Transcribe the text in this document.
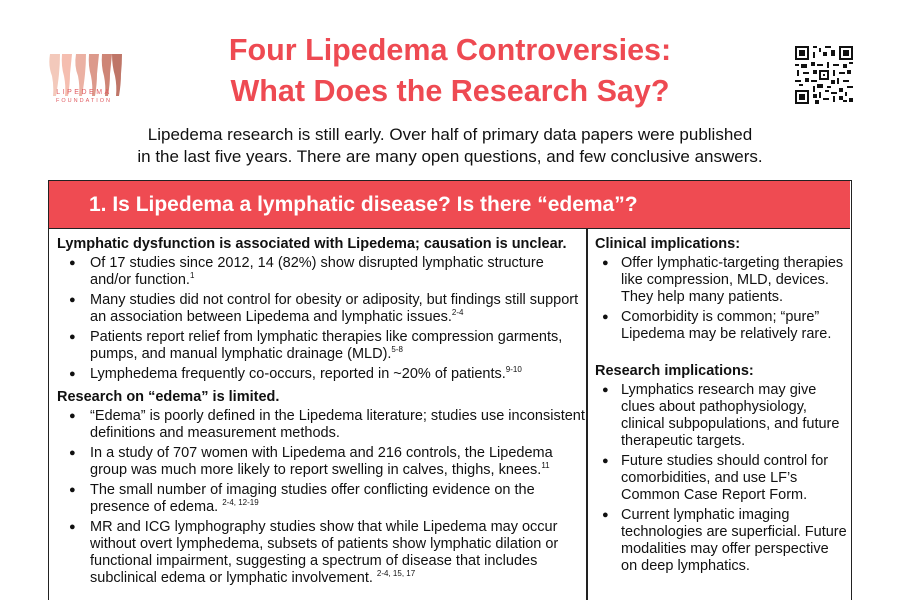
LIPEDEMA
FOUNDATION
Four Lipedema Controversies:
What Does the Research Say?
Lipedema research is still early. Over half of primary data papers were published
in the last five years. There are many open questions, and few conclusive answers.
1. Is Lipedema a lymphatic disease? Is there “edema”?
Lymphatic dysfunction is associated with Lipedema; causation is unclear.
● Of 17 studies since 2012, 14 (82%) show disrupted lymphatic structure and/or function.$^1$
● Many studies did not control for obesity or adiposity, but findings still support an association between Lipedema and lymphatic issues.$^{2-4}$
● Patients report relief from lymphatic therapies like compression garments, pumps, and manual lymphatic drainage (MLD).$^{5-8}$
● Lymphedema frequently co-occurs, reported in ~20% of patients.$^{9-10}$
Research on “edema” is limited.
● “Edema” is poorly defined in the Lipedema literature; studies use inconsistent definitions and measurement methods.
● In a study of 707 women with Lipedema and 216 controls, the Lipedema group was much more likely to report swelling in calves, thighs, knees.$^{11}$
● The small number of imaging studies offer conflicting evidence on the presence of edema. $^{2-4, 12-19}$
● MR and ICG lymphography studies show that while Lipedema may occur without overt lymphedema, subsets of patients show lymphatic dilation or functional impairment, suggesting a spectrum of disease that includes subclinical edema or lymphatic involvement. $^{2-4, 15, 17}$
Clinical implications:
● Offer lymphatic-targeting therapies like compression, MLD, devices. They help many patients.
● Comorbidity is common; “pure” Lipedema may be relatively rare.
Research implications:
● Lymphatics research may give clues about pathophysiology, clinical subpopulations, and future therapeutic targets.
● Future studies should control for comorbidities, and use LF’s Common Case Report Form.
● Current lymphatic imaging technologies are superficial. Future modalities may offer perspective on deep lymphatics.
